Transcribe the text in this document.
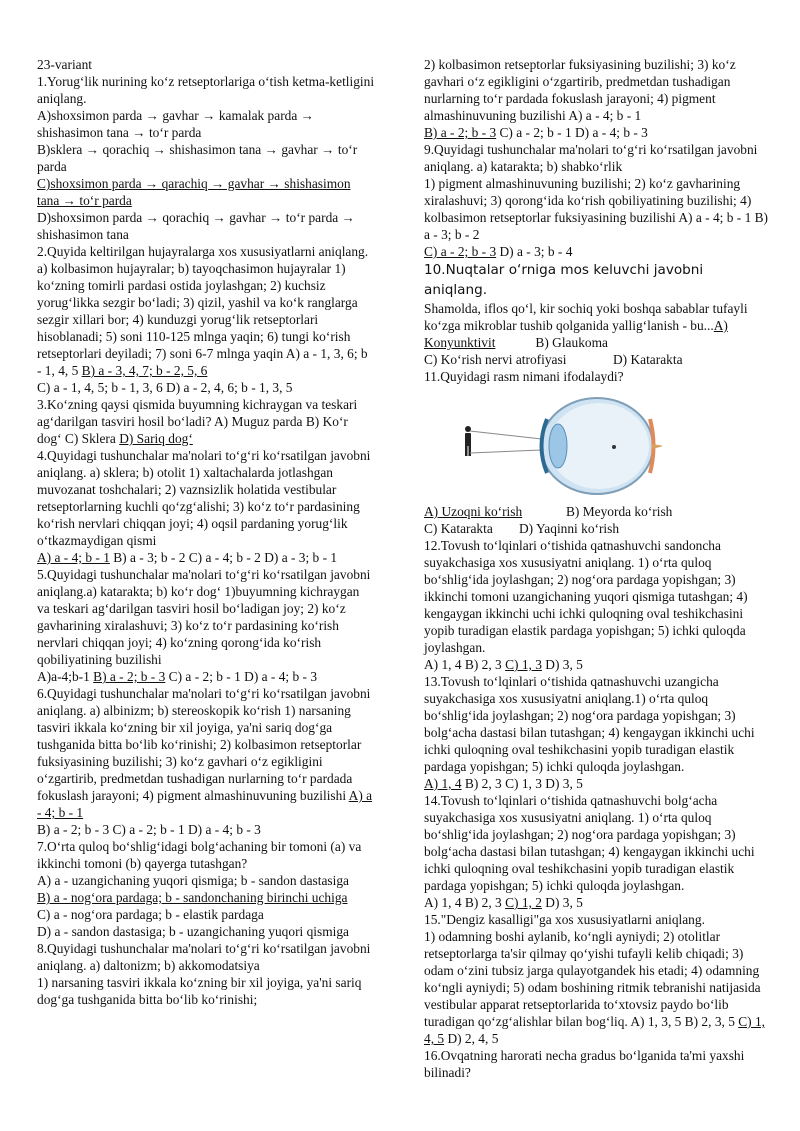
23-variant

1.Yorug‘lik nurining ko‘z retseptorlariga o‘tish ketma-ketligini aniqlang.

A)shoxsimon parda → gavhar → kamalak parda → shishasimon tana → to‘r parda

B)sklera → qorachiq → shishasimon tana → gavhar → to‘r parda

C)shoxsimon parda → qarachiq → gavhar → shishasimon tana → to‘r parda

D)shoxsimon parda → qorachiq → gavhar → to‘r parda → shishasimon tana

2.Quyida keltirilgan hujayralarga xos xususiyatlarni aniqlang. a) kolbasimon hujayralar; b) tayoqchasimon hujayralar 1) ko‘zning tomirli pardasi ostida joylashgan; 2) kuchsiz yorug‘likka sezgir bo‘ladi; 3) qizil, yashil va ko‘k ranglarga sezgir xillari bor; 4) kunduzgi yorug‘lik retseptorlari hisoblanadi; 5) soni 110-125 mlnga yaqin; 6) tungi ko‘rish retseptorlari deyiladi; 7) soni 6-7 mlnga yaqin A) a - 1, 3, 6; b - 1, 4, 5 B) a - 3, 4, 7; b - 2, 5, 6

C) a - 1, 4, 5; b - 1, 3, 6 D) a - 2, 4, 6; b - 1, 3, 5

3.Ko‘zning qaysi qismida buyumning kichraygan va teskari ag‘darilgan tasviri hosil bo‘ladi? A) Muguz parda B) Ko‘r dog‘ C) Sklera D) Sariq dog‘

4.Quyidagi tushunchalar ma'nolari to‘g‘ri ko‘rsatilgan javobni aniqlang. a) sklera; b) otolit 1) xaltachalarda jotlashgan muvozanat toshchalari; 2) vaznsizlik holatida vestibular retseptorlarning kuchli qo‘zg‘alishi; 3) ko‘z to‘r pardasining ko‘rish nervlari chiqqan joyi; 4) oqsil pardaning yorug‘lik o‘tkazmaydigan qismi

A) a - 4; b - 1 B) a - 3; b - 2 C) a - 4; b - 2 D) a - 3; b - 1

5.Quyidagi tushunchalar ma'nolari to‘g‘ri ko‘rsatilgan javobni aniqlang.a) katarakta; b) ko‘r dog‘ 1)buyumning kichraygan va teskari ag‘darilgan tasviri hosil bo‘ladigan joy; 2) ko‘z gavharining xiralashuvi; 3) ko‘z to‘r pardasining ko‘rish nervlari chiqqan joyi; 4) ko‘zning qorong‘ida ko‘rish qobiliyatining buzilishi

A)a-4;b-1 B) a - 2; b - 3 C) a - 2; b - 1 D) a - 4; b - 3

6.Quyidagi tushunchalar ma'nolari to‘g‘ri ko‘rsatilgan javobni aniqlang. a) albinizm; b) stereoskopik ko‘rish 1) narsaning tasviri ikkala ko‘zning bir xil joyiga, ya'ni sariq dog‘ga tushganida bitta bo‘lib ko‘rinishi; 2) kolbasimon retseptorlar fuksiyasining buzilishi; 3) ko‘z gavhari o‘z egikligini o‘zgartirib, predmetdan tushadigan nurlarning to‘r pardada fokuslash jarayoni; 4) pigment almashinuvuning buzilishi A) a - 4; b - 1

B) a - 2; b - 3 C) a - 2; b - 1 D) a - 4; b - 3

7.O‘rta quloq bo‘shlig‘idagi bolg‘achaning bir tomoni (a) va ikkinchi tomoni (b) qayerga tutashgan?

A) a - uzangichaning yuqori qismiga; b - sandon dastasiga

B) a - nog‘ora pardaga; b - sandonchaning birinchi uchiga

C) a - nog‘ora pardaga; b - elastik pardaga

D) a - sandon dastasiga; b - uzangichaning yuqori qismiga

8.Quyidagi tushunchalar ma'nolari to‘g‘ri ko‘rsatilgan javobni aniqlang. a) daltonizm; b) akkomodatsiya

1) narsaning tasviri ikkala ko‘zning bir xil joyiga, ya'ni sariq dog‘ga tushganida bitta bo‘lib ko‘rinishi;

2) kolbasimon retseptorlar fuksiyasining buzilishi; 3) ko‘z gavhari o‘z egikligini o‘zgartirib, predmetdan tushadigan nurlarning to‘r pardada fokuslash jarayoni; 4) pigment almashinuvuning buzilishi A) a - 4; b - 1

B) a - 2; b - 3 C) a - 2; b - 1 D) a - 4; b - 3

9.Quyidagi tushunchalar ma'nolari to‘g‘ri ko‘rsatilgan javobni aniqlang. a) katarakta; b) shabko‘rlik

1) pigment almashinuvuning buzilishi; 2) ko‘z gavharining xiralashuvi; 3) qorong‘ida ko‘rish qobiliyatining buzilishi; 4) kolbasimon retseptorlar fuksiyasining buzilishi A) a - 4; b - 1 B) a - 3; b - 2

C) a - 2; b - 3 D) a - 3; b - 4

10.Nuqtalar o‘rniga mos keluvchi javobni aniqlang.

Shamolda, iflos qo‘l, kir sochiq yoki boshqa sabablar tufayli ko‘zga mikroblar tushib qolganida yallig‘lanish - bu...A) Konyunktivit	B) Glaukoma

C) Ko‘rish nervi atrofiyasi	D) Katarakta

11.Quyidagi rasm nimani ifodalaydi?

A) Uzoqni ko‘rish	B) Meyorda ko‘rish

C) Katarakta D) Yaqinni ko‘rish

12.Tovush to‘lqinlari o‘tishida qatnashuvchi sandoncha suyakchasiga xos xususiyatni aniqlang. 1) o‘rta quloq bo‘shlig‘ida joylashgan; 2) nog‘ora pardaga yopishgan; 3) ikkinchi tomoni uzangichaning yuqori qismiga tutashgan; 4) kengaygan ikkinchi uchi ichki quloqning oval teshikchasini yopib turadigan elastik pardaga yopishgan; 5) ichki quloqda joylashgan.

A) 1, 4 B) 2, 3 C) 1, 3 D) 3, 5

13.Tovush to‘lqinlari o‘tishida qatnashuvchi uzangicha suyakchasiga xos xususiyatni aniqlang.1) o‘rta quloq bo‘shlig‘ida joylashgan; 2) nog‘ora pardaga yopishgan; 3) bolg‘acha dastasi bilan tutashgan; 4) kengaygan ikkinchi uchi ichki quloqning oval teshikchasini yopib turadigan elastik pardaga yopishgan; 5) ichki quloqda joylashgan.

A) 1, 4 B) 2, 3 C) 1, 3 D) 3, 5

14.Tovush to‘lqinlari o‘tishida qatnashuvchi bolg‘acha suyakchasiga xos xususiyatni aniqlang. 1) o‘rta quloq bo‘shlig‘ida joylashgan; 2) nog‘ora pardaga yopishgan; 3) bolg‘acha dastasi bilan tutashgan; 4) kengaygan ikkinchi uchi ichki quloqning oval teshikchasini yopib turadigan elastik pardaga yopishgan; 5) ichki quloqda joylashgan.

A) 1, 4 B) 2, 3 C) 1, 2 D) 3, 5

15."Dengiz kasalligi"ga xos xususiyatlarni aniqlang.

1) odamning boshi aylanib, ko‘ngli ayniydi; 2) otolitlar retseptorlarga ta'sir qilmay qo‘yishi tufayli kelib chiqadi; 3) odam o‘zini tubsiz jarga qulayotgandek his etadi; 4) odamning ko‘ngli ayniydi; 5) odam boshining ritmik tebranishi natijasida vestibular apparat retseptorlarida to‘xtovsiz paydo bo‘lib turadigan qo‘zg‘alishlar bilan bog‘liq. A) 1, 3, 5 B) 2, 3, 5 C) 1, 4, 5 D) 2, 4, 5

16.Ovqatning harorati necha gradus bo‘lganida ta'mi yaxshi bilinadi?
